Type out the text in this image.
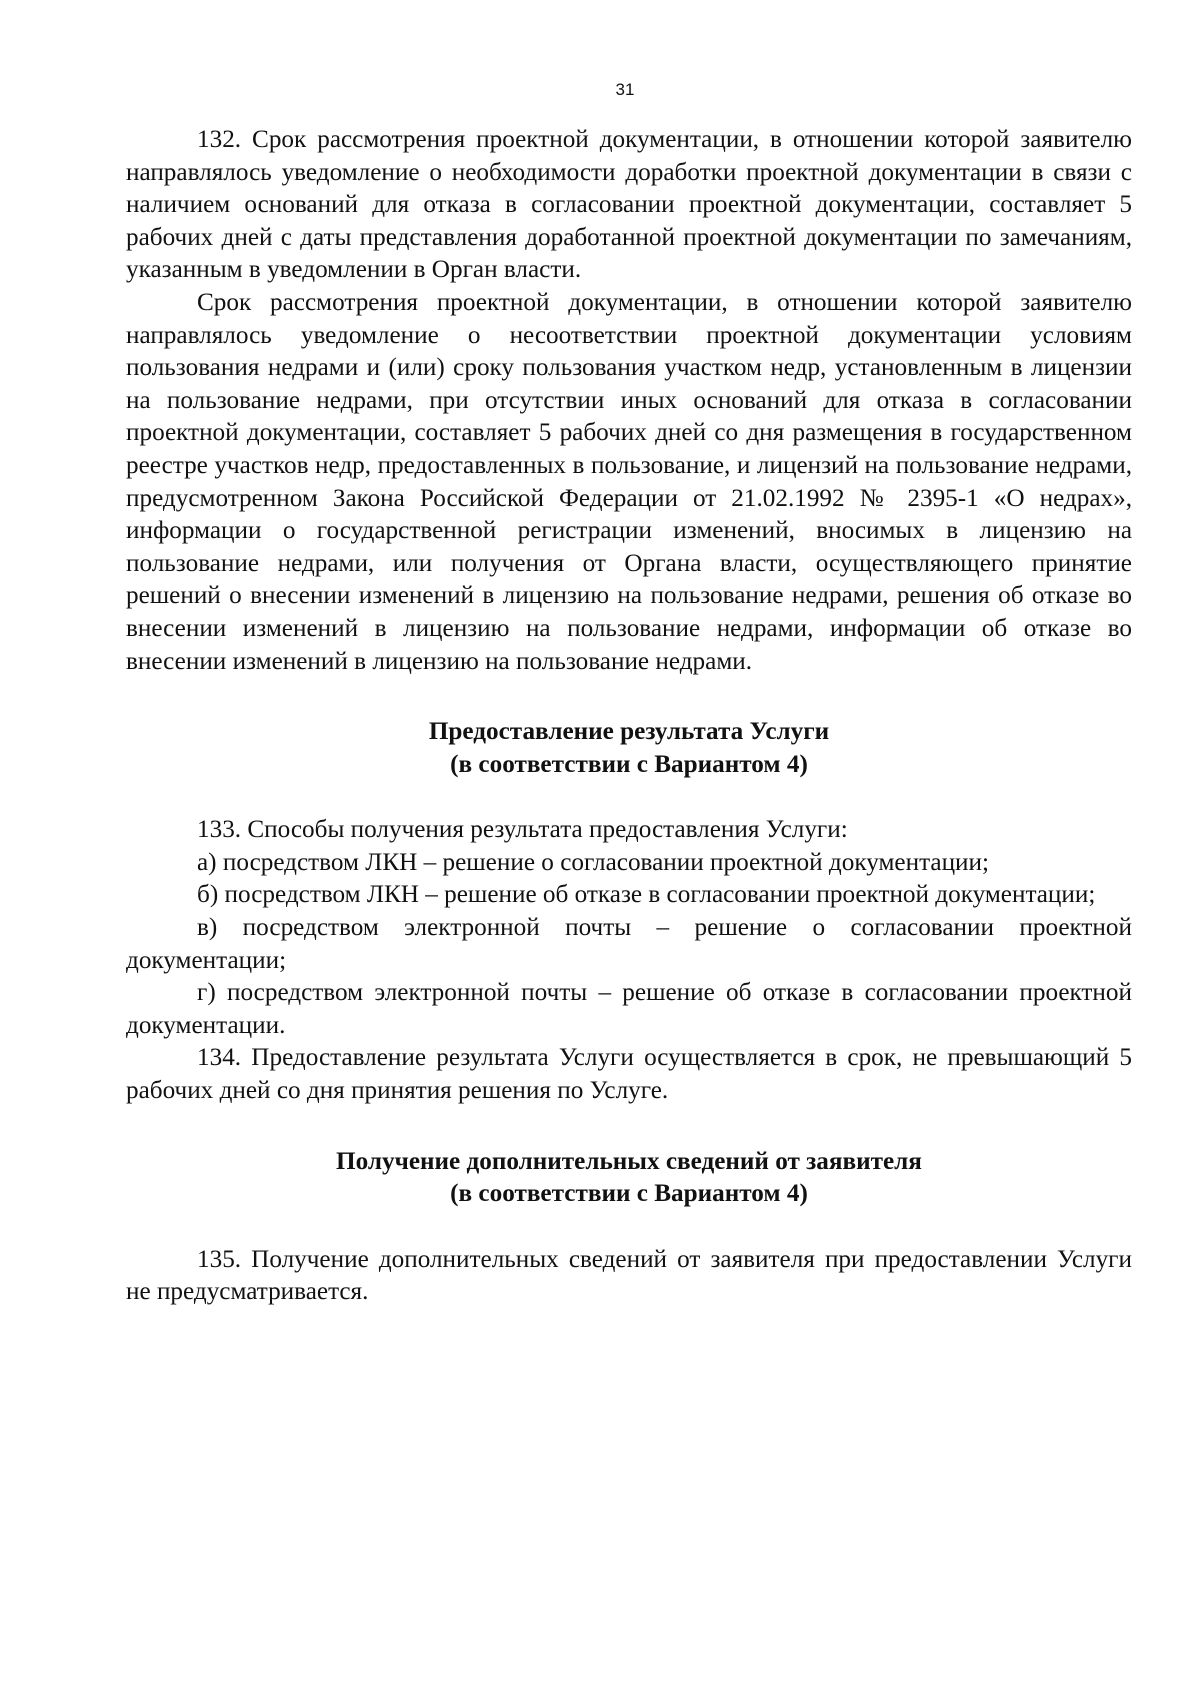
31

132. Срок рассмотрения проектной документации, в отношении которой заявителю направлялось уведомление о необходимости доработки проектной документации в связи с наличием оснований для отказа в согласовании проектной документации, составляет 5 рабочих дней с даты представления доработанной проектной документации по замечаниям, указанным в уведомлении в Орган власти.

Срок рассмотрения проектной документации, в отношении которой заявителю направлялось уведомление о несоответствии проектной документации условиям пользования недрами и (или) сроку пользования участком недр, установленным в лицензии на пользование недрами, при отсутствии иных оснований для отказа в согласовании проектной документации, составляет 5 рабочих дней со дня размещения в государственном реестре участков недр, предоставленных в пользование, и лицензий на пользование недрами, предусмотренном Закона Российской Федерации от 21.02.1992 № 2395-1 «О недрах», информации о государственной регистрации изменений, вносимых в лицензию на пользование недрами, или получения от Органа власти, осуществляющего принятие решений о внесении изменений в лицензию на пользование недрами, решения об отказе во внесении изменений в лицензию на пользование недрами, информации об отказе во внесении изменений в лицензию на пользование недрами.

Предоставление результата Услуги
(в соответствии с Вариантом 4)

133. Способы получения результата предоставления Услуги:

а) посредством ЛКН – решение о согласовании проектной документации;

б) посредством ЛКН – решение об отказе в согласовании проектной документации;

в) посредством электронной почты – решение о согласовании проектной документации;

г) посредством электронной почты – решение об отказе в согласовании проектной документации.

134. Предоставление результата Услуги осуществляется в срок, не превышающий 5 рабочих дней со дня принятия решения по Услуге.

Получение дополнительных сведений от заявителя
(в соответствии с Вариантом 4)

135. Получение дополнительных сведений от заявителя при предоставлении Услуги не предусматривается.
